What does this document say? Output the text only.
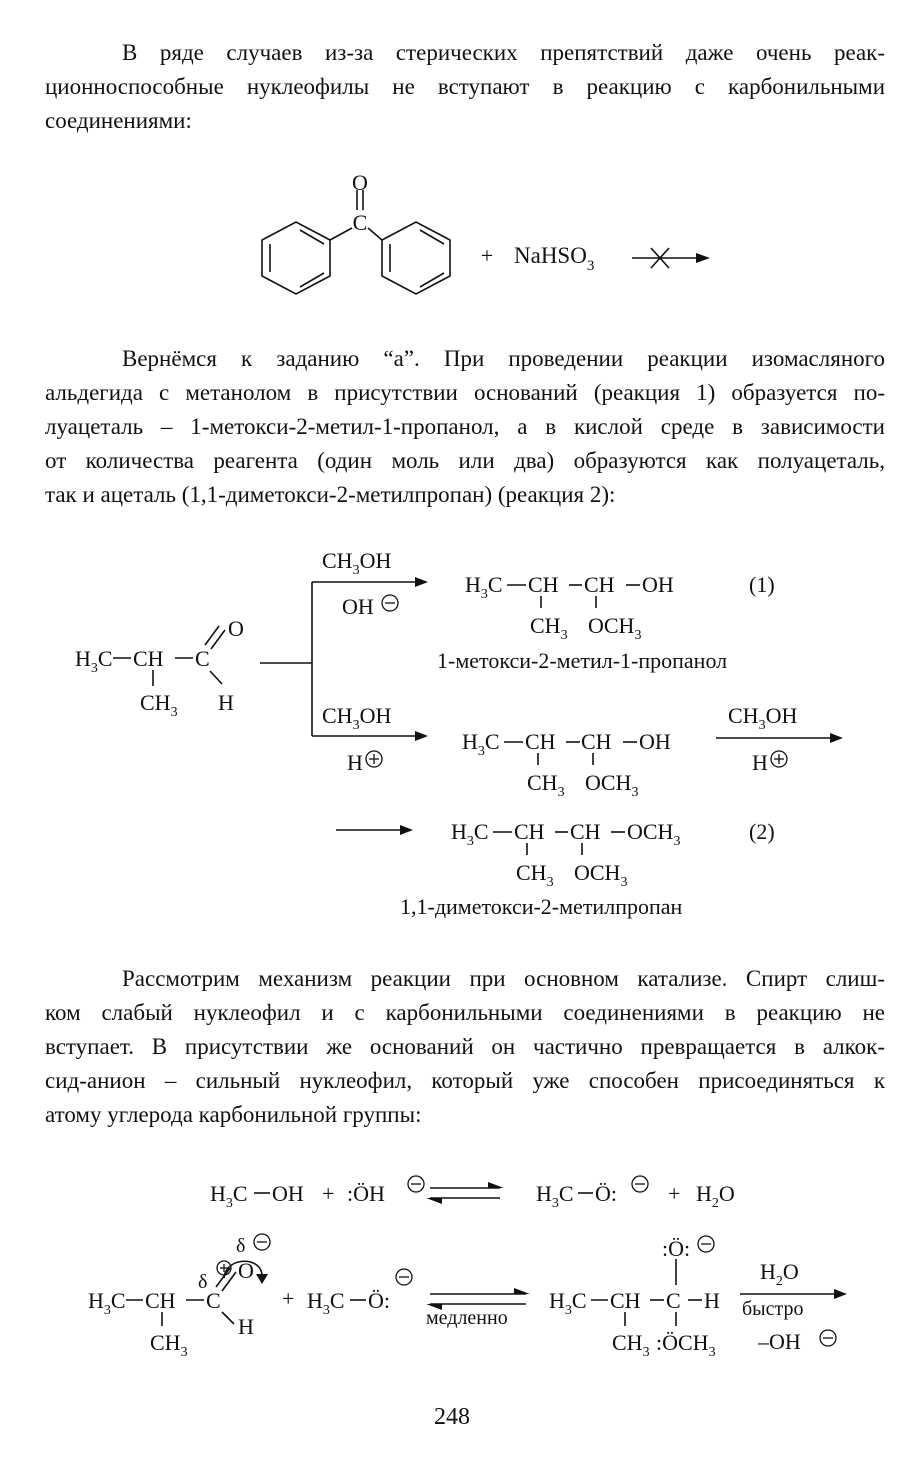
В ряде случаев из-за стерических препятствий даже очень реак-
ционноспособные нуклеофилы не вступают в реакцию с карбонильными
соединениями:
O
C
+ NaHSO$_3$
Вернёмся к заданию “а”. При проведении реакции изомасляного
альдегида с метанолом в присутствии оснований (реакция 1) образуется по-
луацеталь – 1-метокси-2-метил-1-пропанол, а в кислой среде в зависимости
от количества реагента (один моль или два) образуются как полуацеталь,
так и ацеталь (1,1-диметокси-2-метилпропан) (реакция 2):
O
$H_3C$ CH C
$CH_3$ H
$CH_3OH$
OH
$H_3C$ CH CH OH
$CH_3$ $OCH_3$
(1)
1-метокси-2-метил-1-пропанол
$CH_3OH$
H
$H_3C$ CH CH OH
$CH_3$ $OCH_3$
$CH_3OH$
H
$H_3C$ CH CH $OCH_3$
$CH_3$ $OCH_3$
(2)
1,1-диметокси-2-метилпропан
Рассмотрим механизм реакции при основном катализе. Спирт слиш-
ком слабый нуклеофил и с карбонильными соединениями в реакцию не
вступает. В присутствии же оснований он частично превращается в алкок-
сид-анион – сильный нуклеофил, который уже способен присоединяться к
атому углерода карбонильной группы:
$H_3C$ OH + :ÖH	$H_3C$ Ö: + $H_2O$
$H_3C$ CH C
O
$CH_3$
H
δ
δ
+ $H_3C$ Ö:
медленно
:Ö:
$H_3C$ CH C H
$CH_3$ $:ÖCH_3$
$H_2O$
быстро
–OH
248
